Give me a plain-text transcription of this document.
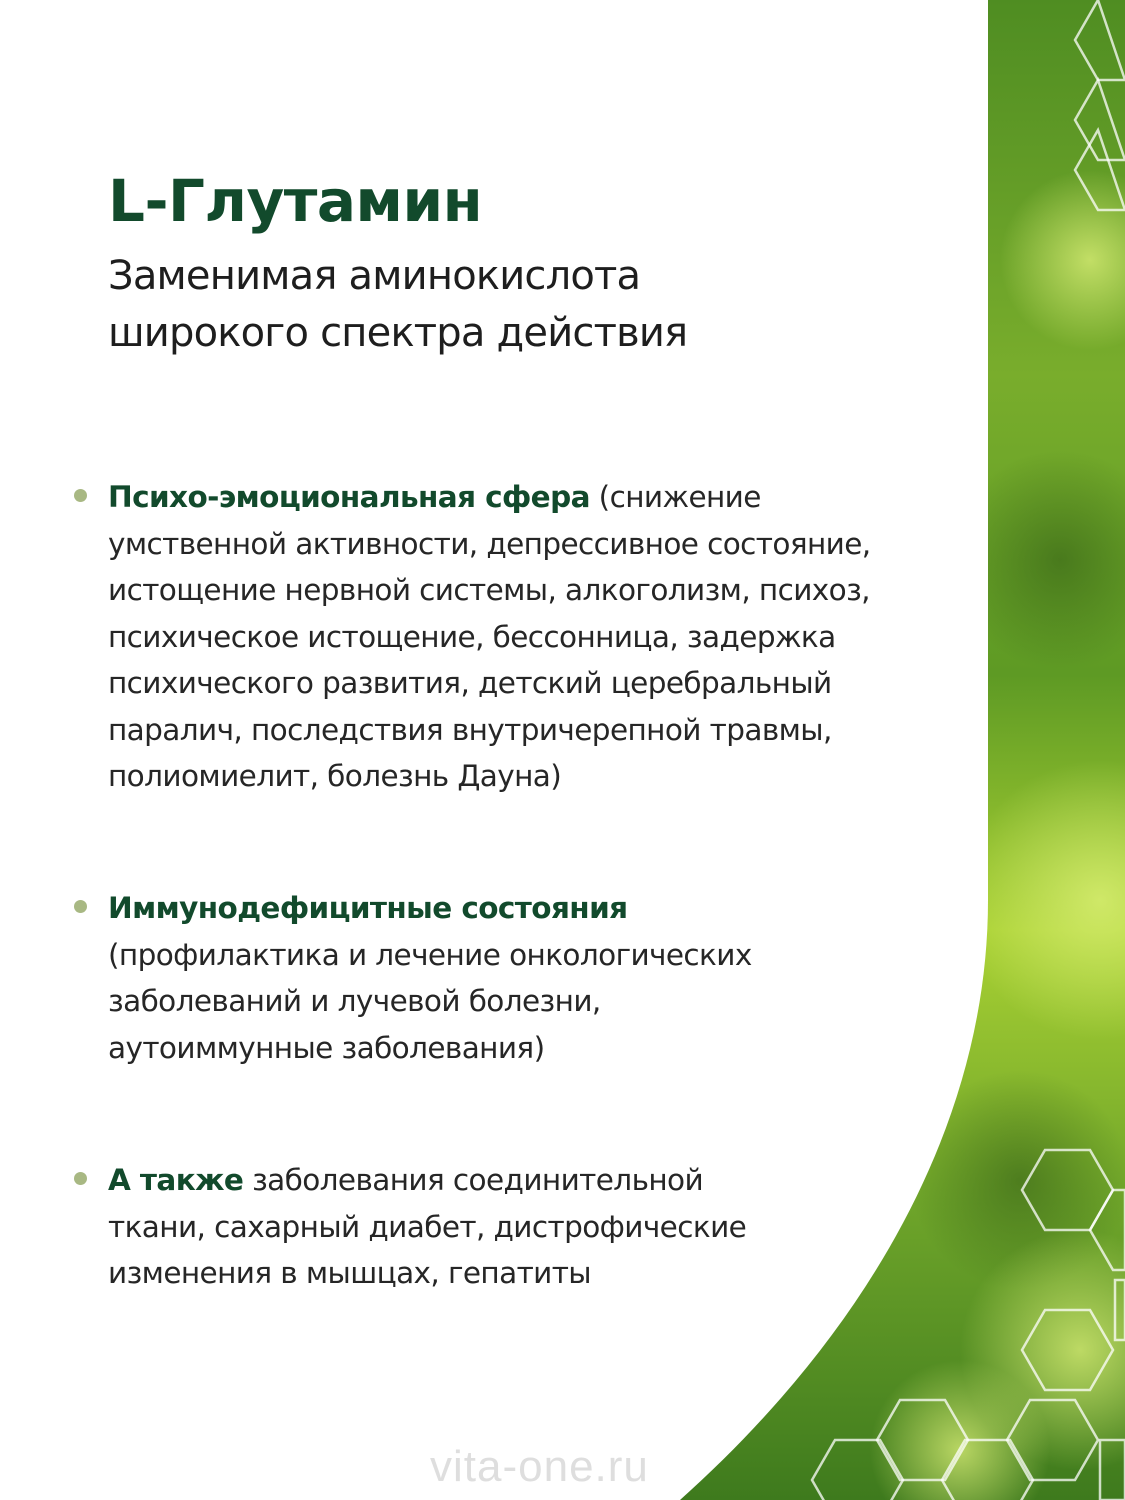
L-Глутамин
Заменимая аминокислота
широкого спектра действия

Психо-эмоциональная сфера (снижение
умственной активности, депрессивное состояние,
истощение нервной системы, алкоголизм, психоз,
психическое истощение, бессонница, задержка
психического развития, детский церебральный
паралич, последствия внутричерепной травмы,
полиомиелит, болезнь Дауна)

Иммунодефицитные состояния
(профилактика и лечение онкологических
заболеваний и лучевой болезни,
аутоиммунные заболевания)

А также заболевания соединительной
ткани, сахарный диабет, дистрофические
изменения в мышцах, гепатиты

vita-one.ru
